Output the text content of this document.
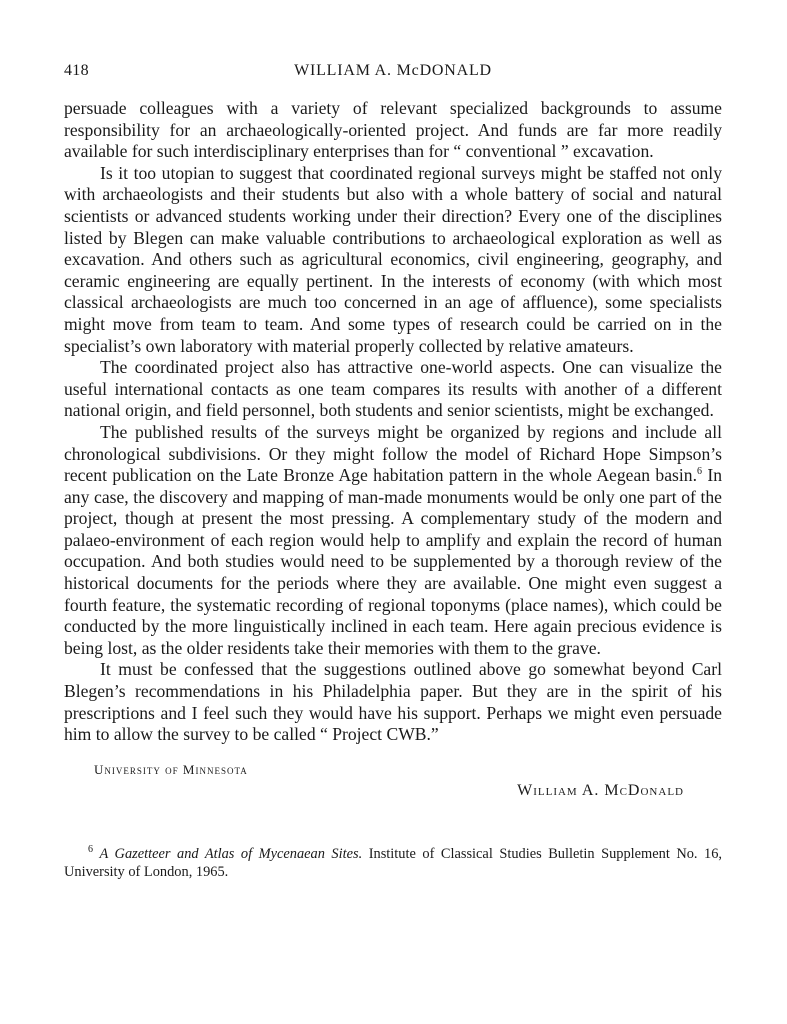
418	WILLIAM A. McDONALD

persuade colleagues with a variety of relevant specialized backgrounds to assume responsibility for an archaeologically-oriented project. And funds are far more readily available for such interdisciplinary enterprises than for “ conventional ” excavation.

Is it too utopian to suggest that coordinated regional surveys might be staffed not only with archaeologists and their students but also with a whole battery of social and natural scientists or advanced students working under their direction? Every one of the disciplines listed by Blegen can make valuable contributions to archaeological exploration as well as excavation. And others such as agricultural economics, civil engineering, geography, and ceramic engineering are equally pertinent. In the interests of economy (with which most classical archaeologists are much too concerned in an age of affluence), some specialists might move from team to team. And some types of research could be carried on in the specialist’s own laboratory with material properly collected by relative amateurs.

The coordinated project also has attractive one-world aspects. One can visualize the useful international contacts as one team compares its results with another of a different national origin, and field personnel, both students and senior scientists, might be exchanged.

The published results of the surveys might be organized by regions and include all chronological subdivisions. Or they might follow the model of Richard Hope Simpson’s recent publication on the Late Bronze Age habitation pattern in the whole Aegean basin.$^6$ In any case, the discovery and mapping of man-made monuments would be only one part of the project, though at present the most pressing. A complementary study of the modern and palaeo-environment of each region would help to amplify and explain the record of human occupation. And both studies would need to be supplemented by a thorough review of the historical documents for the periods where they are available. One might even suggest a fourth feature, the systematic recording of regional toponyms (place names), which could be conducted by the more linguistically inclined in each team. Here again precious evidence is being lost, as the older residents take their memories with them to the grave.

It must be confessed that the suggestions outlined above go somewhat beyond Carl Blegen’s recommendations in his Philadelphia paper. But they are in the spirit of his prescriptions and I feel such they would have his support. Perhaps we might even persuade him to allow the survey to be called “ Project CWB.”

University of Minnesota
William A. McDonald
$^6$ A Gazetteer and Atlas of Mycenaean Sites. Institute of Classical Studies Bulletin Supplement No. 16, University of London, 1965.
